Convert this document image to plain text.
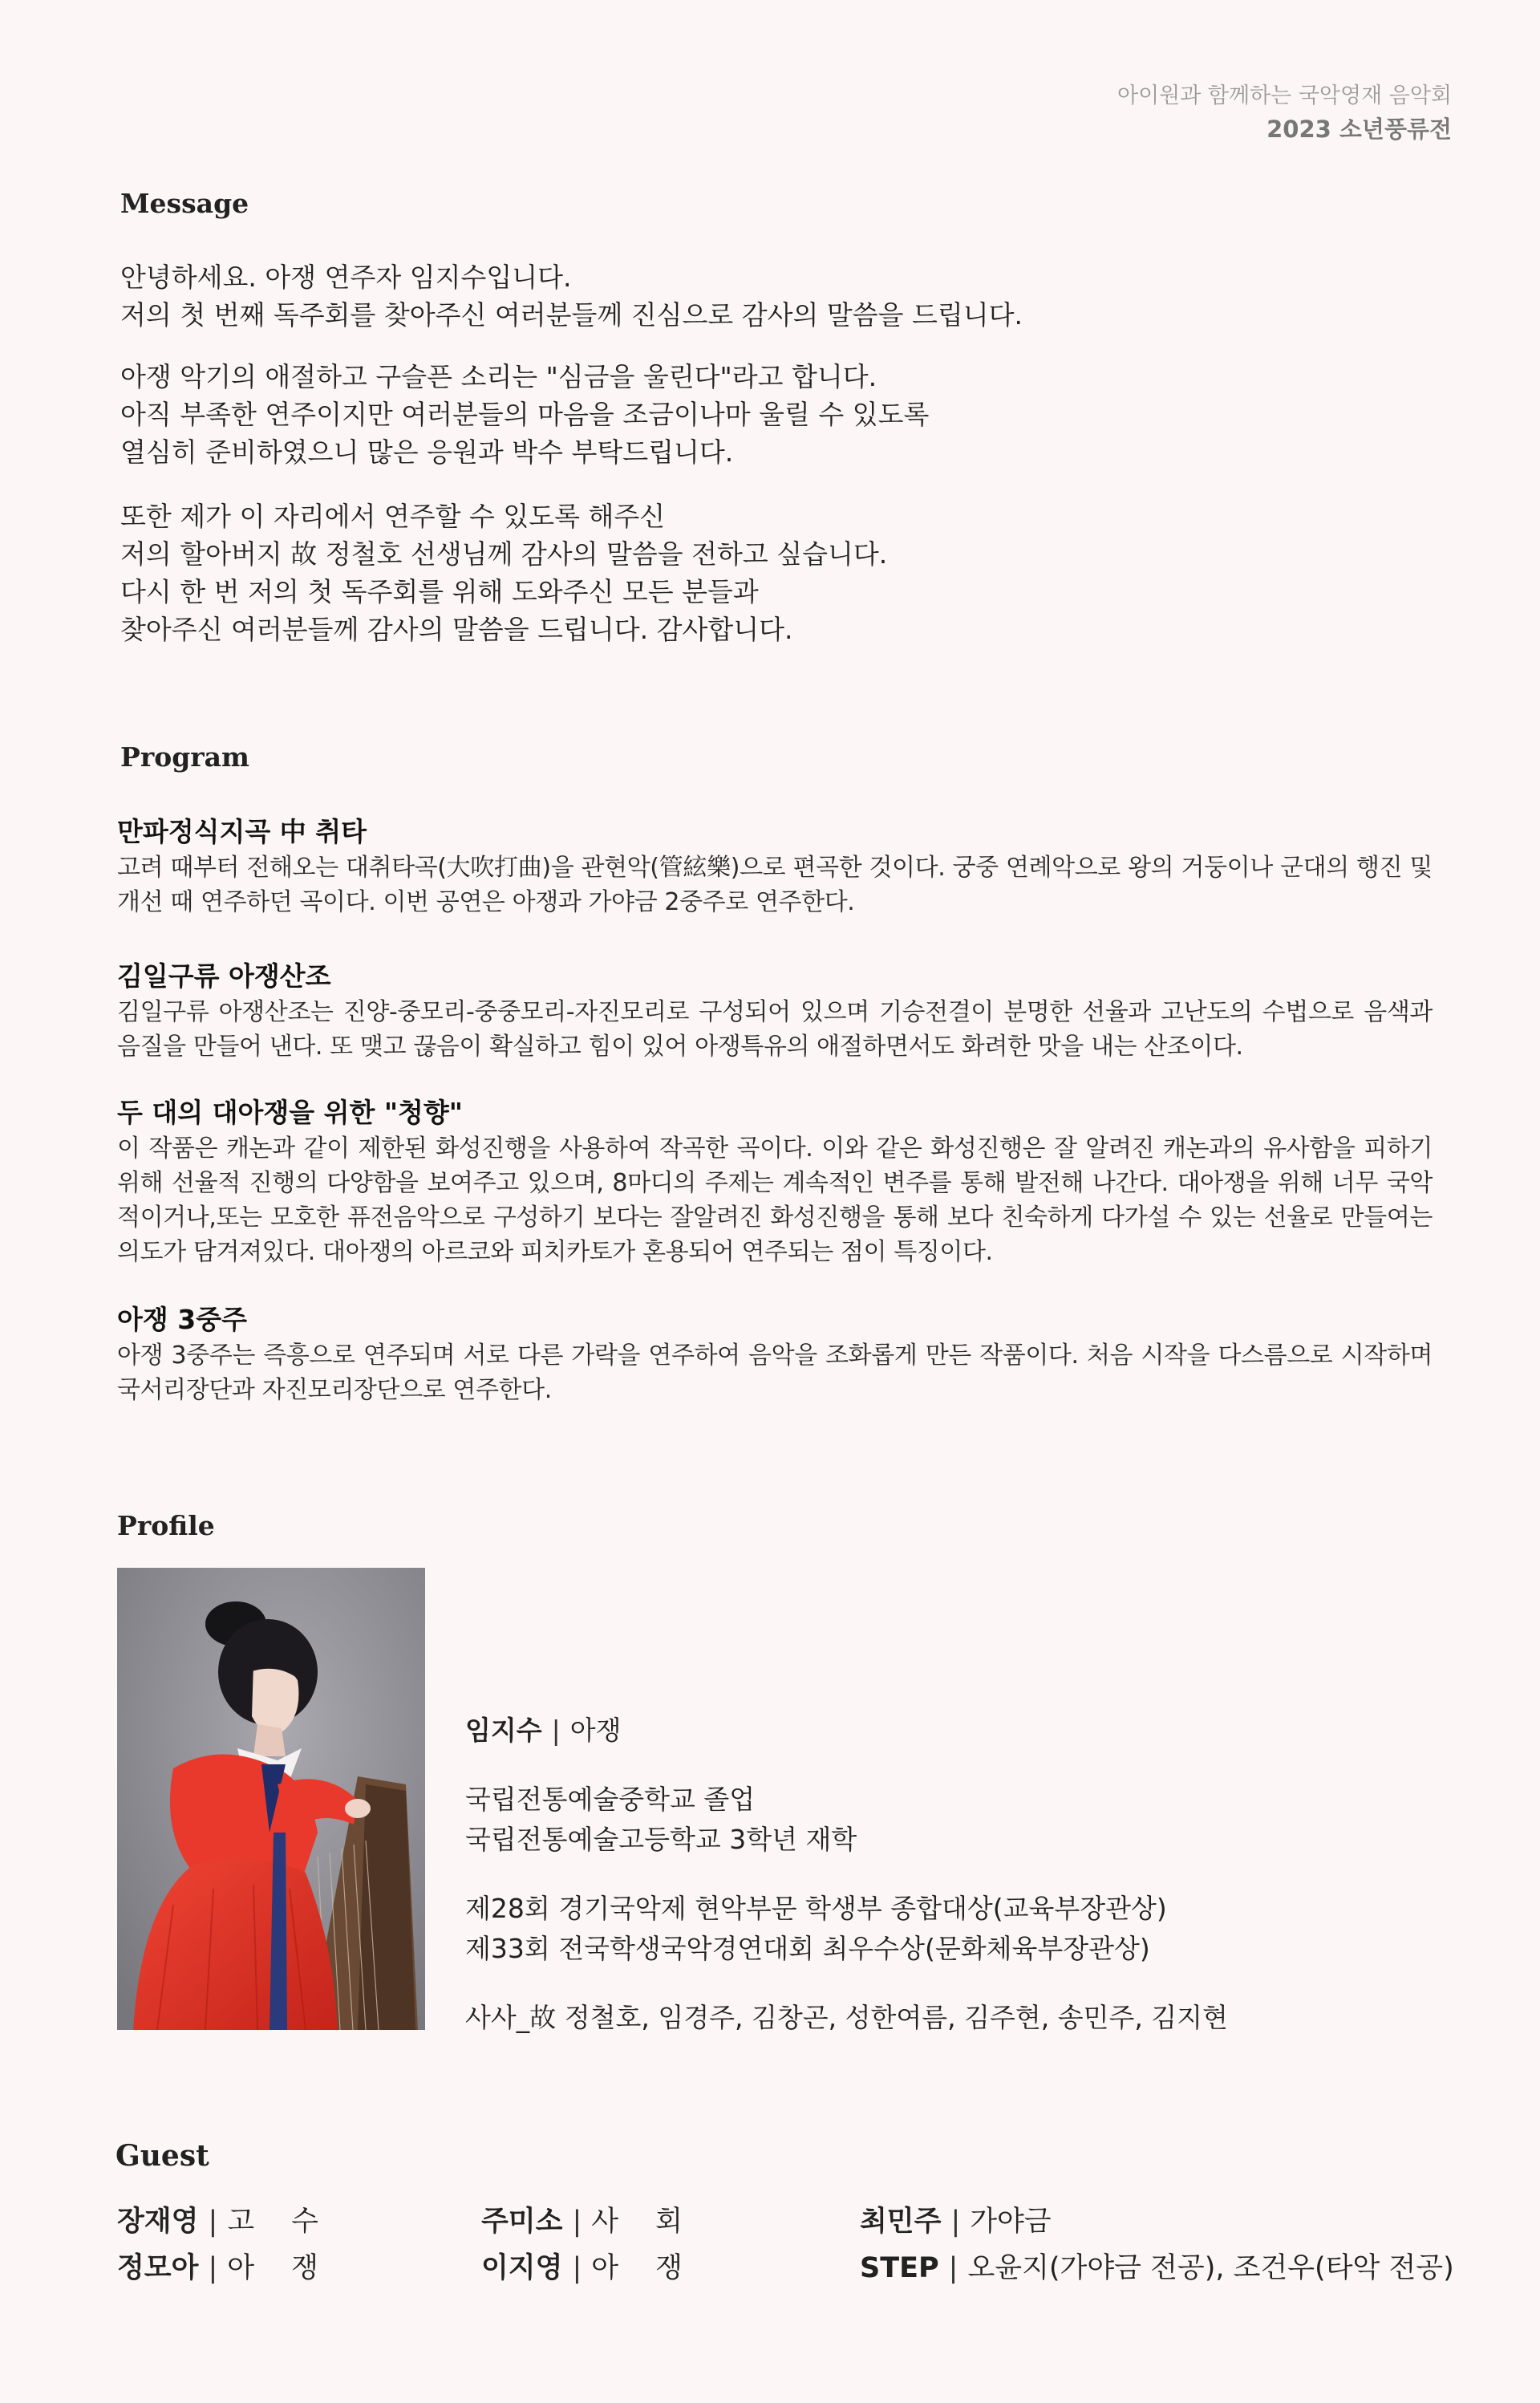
아이원과 함께하는 국악영재 음악회
2023 소년풍류전
Message
안녕하세요. 아쟁 연주자 임지수입니다.
저의 첫 번째 독주회를 찾아주신 여러분들께 진심으로 감사의 말씀을 드립니다.
아쟁 악기의 애절하고 구슬픈 소리는 "심금을 울린다"라고 합니다.
아직 부족한 연주이지만 여러분들의 마음을 조금이나마 울릴 수 있도록
열심히 준비하였으니 많은 응원과 박수 부탁드립니다.
또한 제가 이 자리에서 연주할 수 있도록 해주신
저의 할아버지 故 정철호 선생님께 감사의 말씀을 전하고 싶습니다.
다시 한 번 저의 첫 독주회를 위해 도와주신 모든 분들과
찾아주신 여러분들께 감사의 말씀을 드립니다. 감사합니다.
Program
만파정식지곡 中 취타
고려 때부터 전해오는 대취타곡(大吹打曲)을 관현악(管絃樂)으로 편곡한 것이다. 궁중 연례악으로 왕의 거둥이나 군대의 행진 및 개선 때 연주하던 곡이다. 이번 공연은 아쟁과 가야금 2중주로 연주한다.
김일구류 아쟁산조
김일구류 아쟁산조는 진양-중모리-중중모리-자진모리로 구성되어 있으며 기승전결이 분명한 선율과 고난도의 수법으로 음색과 음질을 만들어 낸다. 또 맺고 끊음이 확실하고 힘이 있어 아쟁특유의 애절하면서도 화려한 맛을 내는 산조이다.
두 대의 대아쟁을 위한 "청향"
이 작품은 캐논과 같이 제한된 화성진행을 사용하여 작곡한 곡이다. 이와 같은 화성진행은 잘 알려진 캐논과의 유사함을 피하기 위해 선율적 진행의 다양함을 보여주고 있으며, 8마디의 주제는 계속적인 변주를 통해 발전해 나간다. 대아쟁을 위해 너무 국악적이거나,또는 모호한 퓨전음악으로 구성하기 보다는 잘알려진 화성진행을 통해 보다 친숙하게 다가설 수 있는 선율로 만들여는 의도가 담겨져있다. 대아쟁의 아르코와 피치카토가 혼용되어 연주되는 점이 특징이다.
아쟁 3중주
아쟁 3중주는 즉흥으로 연주되며 서로 다른 가락을 연주하여 음악을 조화롭게 만든 작품이다. 처음 시작을 다스름으로 시작하며 국서리장단과 자진모리장단으로 연주한다.
Profile
임지수 | 아쟁
국립전통예술중학교 졸업
국립전통예술고등학교 3학년 재학
제28회 경기국악제 현악부문 학생부 종합대상(교육부장관상)
제33회 전국학생국악경연대회 최우수상(문화체육부장관상)
사사_故 정철호, 임경주, 김창곤, 성한여름, 김주현, 송민주, 김지현
Guest
장재영 | 고　 수
정모아 | 아　 쟁
주미소 | 사　 회
이지영 | 아　 쟁
최민주 | 가야금
STEP | 오윤지(가야금 전공), 조건우(타악 전공)
